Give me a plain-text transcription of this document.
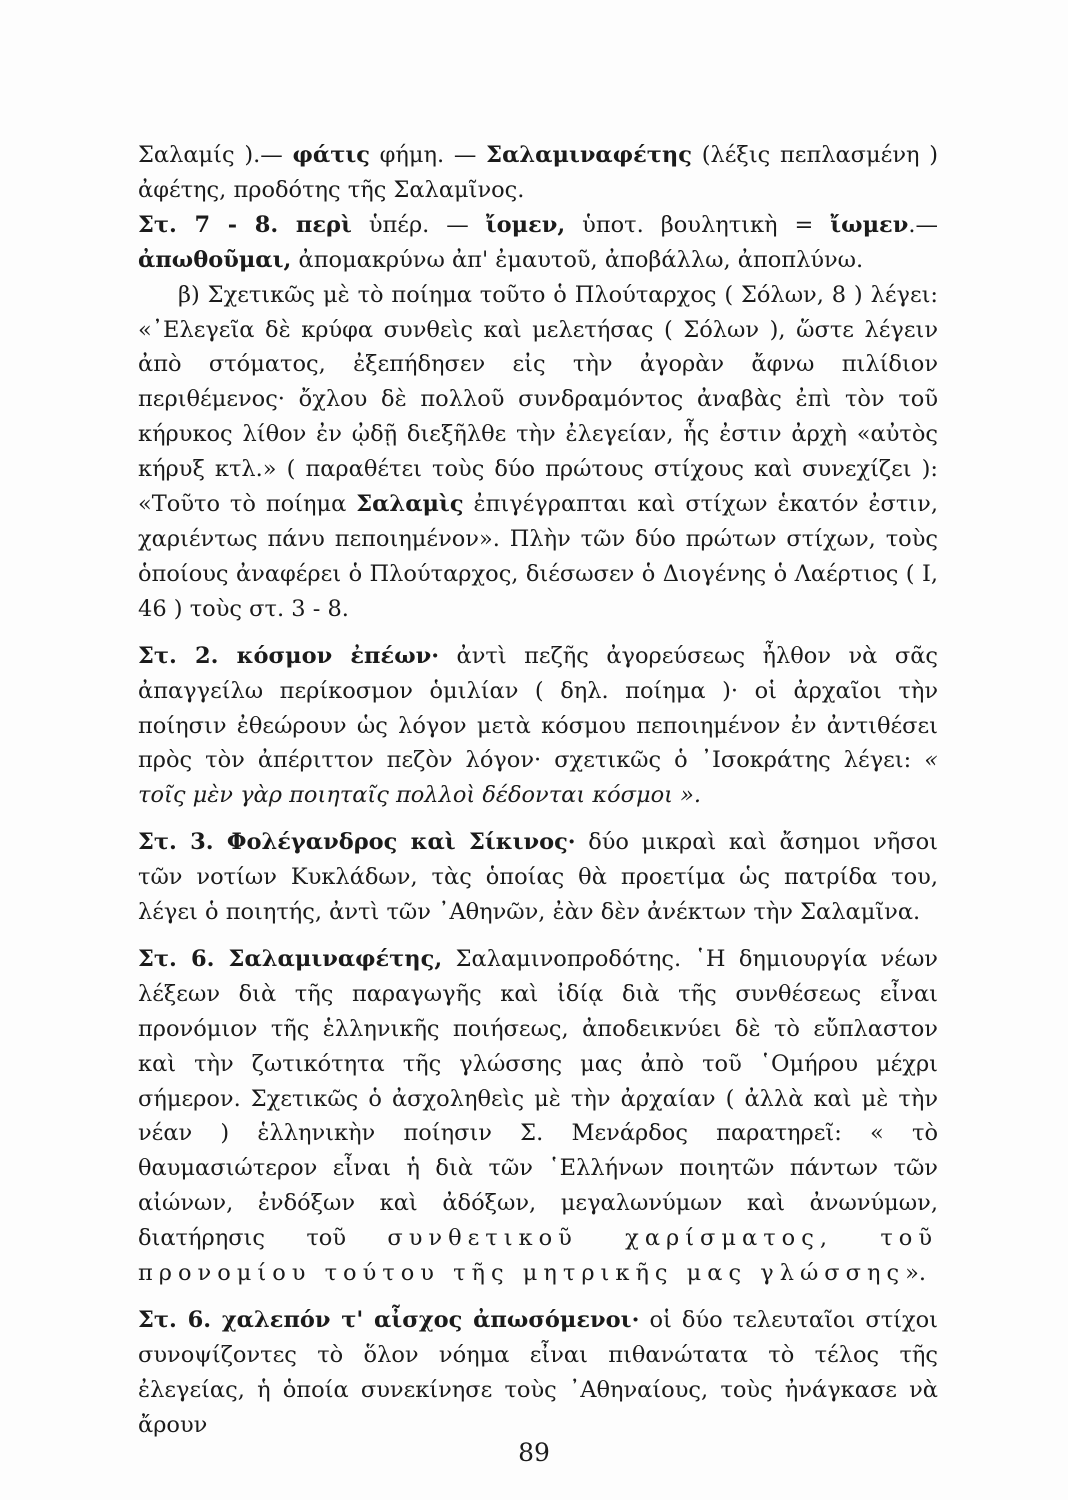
Σαλαμίς ).— φάτις φήμη. — Σαλαμιναφέτης (λέξις πεπλασμένη ) ἀφέτης, προδότης τῆς Σαλαμῖνος.

Στ. 7 - 8. περὶ ὑπέρ. — ἴομεν, ὑποτ. βουλητικὴ = ἴωμεν.— ἀπωθοῦμαι, ἀπομακρύνω ἀπ' ἐμαυτοῦ, ἀποβάλλω, ἀποπλύνω.

β) Σχετικῶς μὲ τὸ ποίημα τοῦτο ὁ Πλούταρχος ( Σόλων, 8 ) λέγει: «᾿Ελεγεῖα δὲ κρύφα συνθεὶς καὶ μελετήσας ( Σόλων ), ὥστε λέγειν ἀπὸ στόματος, ἐξεπήδησεν εἰς τὴν ἀγορὰν ἄφνω πιλίδιον περιθέμενος· ὄχλου δὲ πολλοῦ συνδραμόντος ἀναβὰς ἐπὶ τὸν τοῦ κήρυκος λίθον ἐν ᾠδῇ διεξῆλθε τὴν ἐλεγείαν, ἧς ἐστιν ἀρχὴ «αὐτὸς κήρυξ κτλ.» ( παραθέτει τοὺς δύο πρώτους στίχους καὶ συνεχίζει ): «Τοῦτο τὸ ποίημα Σαλαμὶς ἐπιγέγραπται καὶ στίχων ἑκατόν ἐστιν, χαριέντως πάνυ πεποιημένον». Πλὴν τῶν δύο πρώτων στίχων, τοὺς ὁποίους ἀναφέρει ὁ Πλούταρχος, διέσωσεν ὁ Διογένης ὁ Λαέρτιος ( Ι, 46 ) τοὺς στ. 3 - 8.

Στ. 2. κόσμον ἐπέων· ἀντὶ πεζῆς ἀγορεύσεως ἦλθον νὰ σᾶς ἀπαγγείλω περίκοσμον ὁμιλίαν ( δηλ. ποίημα )· οἱ ἀρχαῖοι τὴν ποίησιν ἐθεώρουν ὡς λόγον μετὰ κόσμου πεποιημένον ἐν ἀντιθέσει πρὸς τὸν ἀπέριττον πεζὸν λόγον· σχετικῶς ὁ ᾿Ισοκράτης λέγει: « τοῖς μὲν γὰρ ποιηταῖς πολλοὶ δέδονται κόσμοι ».

Στ. 3. Φολέγανδρος καὶ Σίκινος· δύο μικραὶ καὶ ἄσημοι νῆσοι τῶν νοτίων Κυκλάδων, τὰς ὁποίας θὰ προετίμα ὡς πατρίδα του, λέγει ὁ ποιητής, ἀντὶ τῶν ᾿Αθηνῶν, ἐὰν δὲν ἀνέκτων τὴν Σαλαμῖνα.

Στ. 6. Σαλαμιναφέτης, Σαλαμινοπροδότης. ῾Η δημιουργία νέων λέξεων διὰ τῆς παραγωγῆς καὶ ἰδίᾳ διὰ τῆς συνθέσεως εἶναι προνόμιον τῆς ἑλληνικῆς ποιήσεως, ἀποδεικνύει δὲ τὸ εὔπλαστον καὶ τὴν ζωτικότητα τῆς γλώσσης μας ἀπὸ τοῦ ῾Ομήρου μέχρι σήμερον. Σχετικῶς ὁ ἀσχοληθεὶς μὲ τὴν ἀρχαίαν ( ἀλλὰ καὶ μὲ τὴν νέαν ) ἑλληνικὴν ποίησιν Σ. Μενάρδος παρατηρεῖ: « τὸ θαυμασιώτερον εἶναι ἡ διὰ τῶν ῾Ελλήνων ποιητῶν πάντων τῶν αἰώνων, ἐνδόξων καὶ ἀδόξων, μεγαλωνύμων καὶ ἀνωνύμων, διατήρησις τοῦ συνθετικοῦ χαρίσματος, τοῦ προνομίου τούτου τῆς μητρικῆς μας γλώσσης».

Στ. 6. χαλεπόν τ' αἶσχος ἀπωσόμενοι· οἱ δύο τελευταῖοι στίχοι συνοψίζοντες τὸ ὅλον νόημα εἶναι πιθανώτατα τὸ τέλος τῆς ἐλεγείας, ἡ ὁποία συνεκίνησε τοὺς ᾿Αθηναίους, τοὺς ἠνάγκασε νὰ ἄρουν

89
